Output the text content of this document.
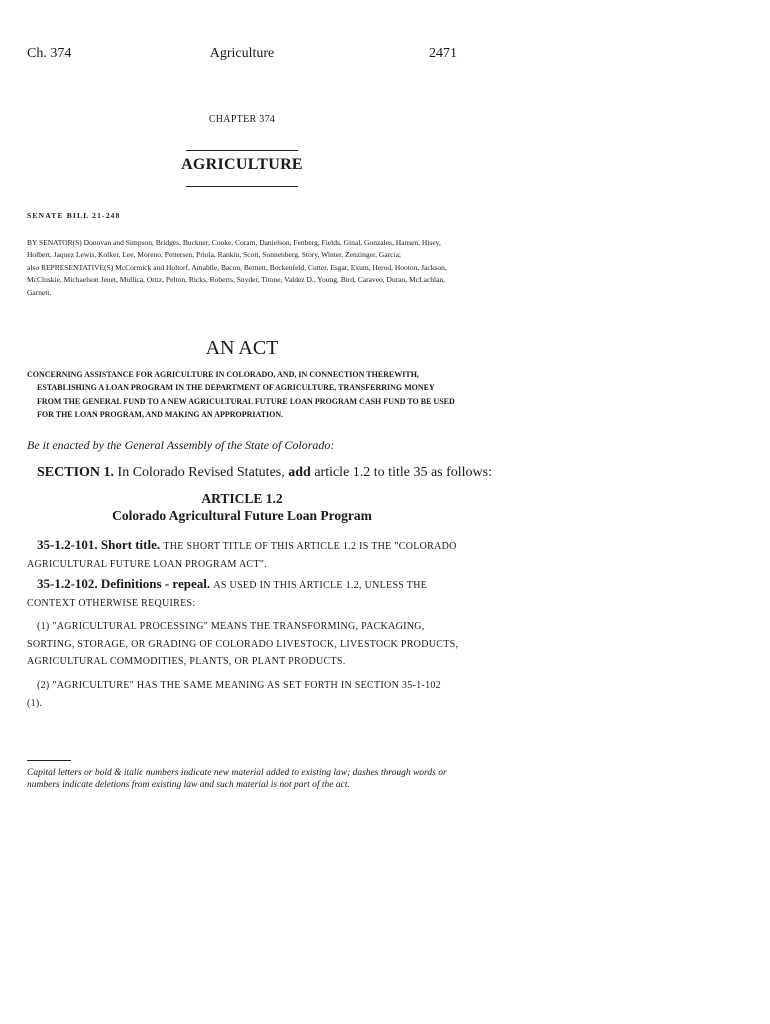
Ch. 374	Agriculture	2471
CHAPTER 374
AGRICULTURE
SENATE BILL 21-248
BY SENATOR(S) Donovan and Simpson, Bridges, Buckner, Cooke, Coram, Danielson, Fenberg, Fields, Ginal, Gonzales, Hansen, Hisey, Holbert, Jaquez Lewis, Kolker, Lee, Moreno, Pettersen, Priola, Rankin, Scott, Sonnenberg, Story, Winter, Zenzinger, Garcia;
also REPRESENTATIVE(S) McCormick and Holtorf, Amabile, Bacon, Bernett, Bockenfeld, Cutter, Esgar, Exum, Herod, Hooton, Jackson, McCluskie, Michaelson Jenet, Mullica, Ortiz, Pelton, Ricks, Roberts, Snyder, Titone, Valdez D., Young, Bird, Caraveo, Duran, McLachlan, Garnett.
AN ACT
CONCERNING ASSISTANCE FOR AGRICULTURE IN COLORADO, AND, IN CONNECTION THEREWITH,
ESTABLISHING A LOAN PROGRAM IN THE DEPARTMENT OF AGRICULTURE, TRANSFERRING MONEY FROM THE GENERAL FUND TO A NEW AGRICULTURAL FUTURE LOAN PROGRAM CASH FUND TO BE USED FOR THE LOAN PROGRAM, AND MAKING AN APPROPRIATION.
Be it enacted by the General Assembly of the State of Colorado:
SECTION 1. In Colorado Revised Statutes, add article 1.2 to title 35 as follows:
ARTICLE 1.2
Colorado Agricultural Future Loan Program
35-1.2-101. Short title. THE SHORT TITLE OF THIS ARTICLE 1.2 IS THE "COLORADO AGRICULTURAL FUTURE LOAN PROGRAM ACT".
35-1.2-102. Definitions - repeal. AS USED IN THIS ARTICLE 1.2, UNLESS THE CONTEXT OTHERWISE REQUIRES:
(1) "AGRICULTURAL PROCESSING" MEANS THE TRANSFORMING, PACKAGING, SORTING, STORAGE, OR GRADING OF COLORADO LIVESTOCK, LIVESTOCK PRODUCTS, AGRICULTURAL COMMODITIES, PLANTS, OR PLANT PRODUCTS.
(2) "AGRICULTURE" HAS THE SAME MEANING AS SET FORTH IN SECTION 35-1-102 (1).
Capital letters or bold & italic numbers indicate new material added to existing law; dashes through words or numbers indicate deletions from existing law and such material is not part of the act.
